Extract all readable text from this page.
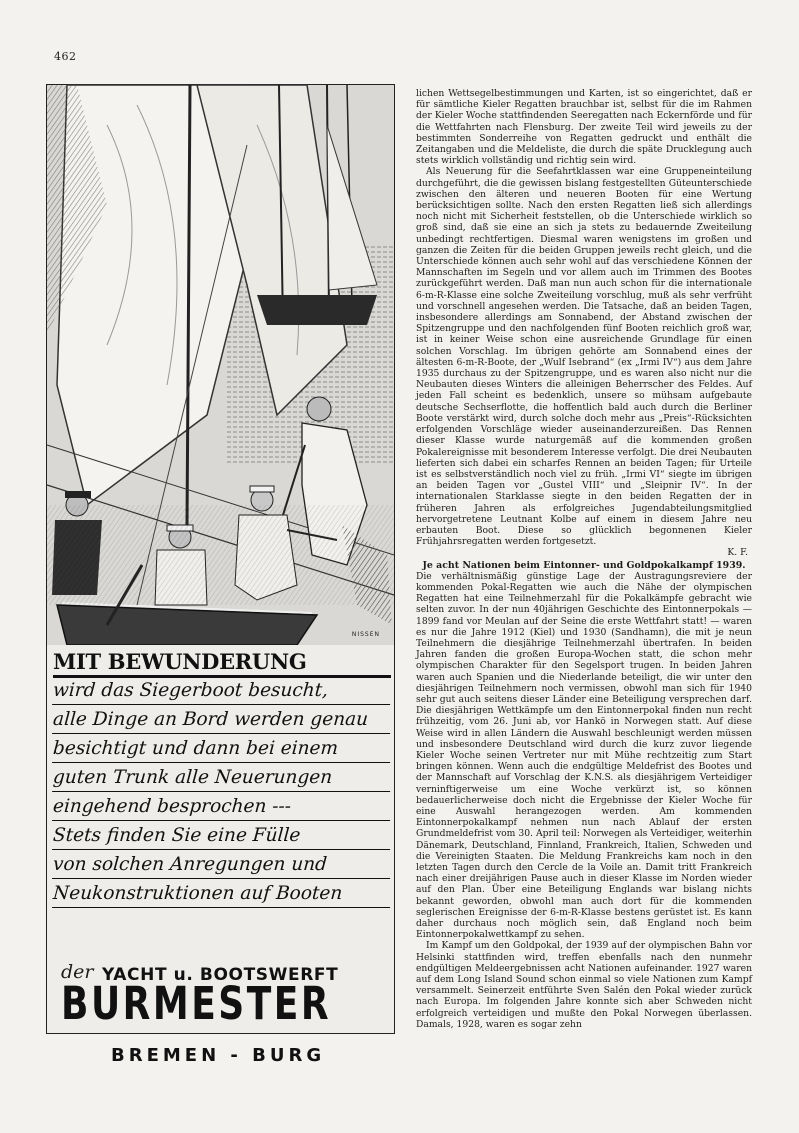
462
NISSEN
MIT BEWUNDERUNG
wird das Siegerboot besucht,
alle Dinge an Bord werden genau
besichtigt und dann bei einem
guten Trunk alle Neuerungen
eingehend besprochen ---
Stets finden Sie eine Fülle
von solchen Anregungen und
Neukonstruktionen auf Booten
der YACHT u. BOOTSWERFT
BURMESTER
BREMEN - BURG

lichen Wettsegelbestimmungen und Karten, ist so eingerichtet, daß er für sämtliche Kieler Regatten brauchbar ist, selbst für die im Rahmen der Kieler Woche stattfindenden Seeregatten nach Eckernförde und für die Wettfahrten nach Flensburg. Der zweite Teil wird jeweils zu der bestimmten Sonderreihe von Regatten gedruckt und enthält die Zeitangaben und die Meldeliste, die durch die späte Drucklegung auch stets wirklich vollständig und richtig sein wird.

Als Neuerung für die Seefahrtklassen war eine Gruppeneinteilung durchgeführt, die die gewissen bislang festgestellten Güteunterschiede zwischen den älteren und neueren Booten für eine Wertung berücksichtigen sollte. Nach den ersten Regatten ließ sich allerdings noch nicht mit Sicherheit feststellen, ob die Unterschiede wirklich so groß sind, daß sie eine an sich ja stets zu bedauernde Zweiteilung unbedingt rechtfertigen. Diesmal waren wenigstens im großen und ganzen die Zeiten für die beiden Gruppen jeweils recht gleich, und die Unterschiede können auch sehr wohl auf das verschiedene Können der Mannschaften im Segeln und vor allem auch im Trimmen des Bootes zurückgeführt werden. Daß man nun auch schon für die internationale 6-m-R-Klasse eine solche Zweiteilung vorschlug, muß als sehr verfrüht und vorschnell angesehen werden. Die Tatsache, daß an beiden Tagen, insbesondere allerdings am Sonnabend, der Abstand zwischen der Spitzengruppe und den nachfolgenden fünf Booten reichlich groß war, ist in keiner Weise schon eine ausreichende Grundlage für einen solchen Vorschlag. Im übrigen gehörte am Sonnabend eines der ältesten 6-m-R-Boote, der „Wulf Isebrand“ (ex „Irmi IV“) aus dem Jahre 1935 durchaus zu der Spitzengruppe, und es waren also nicht nur die Neubauten dieses Winters die alleinigen Beherrscher des Feldes. Auf jeden Fall scheint es bedenklich, unsere so mühsam aufgebaute deutsche Sechserflotte, die hoffentlich bald auch durch die Berliner Boote verstärkt wird, durch solche doch mehr aus „Preis“-Rücksichten erfolgenden Vorschläge wieder auseinanderzureißen. Das Rennen dieser Klasse wurde naturgemäß auf die kommenden großen Pokalereignisse mit besonderem Interesse verfolgt. Die drei Neubauten lieferten sich dabei ein scharfes Rennen an beiden Tagen; für Urteile ist es selbstverständlich noch viel zu früh. „Irmi VI“ siegte im übrigen an beiden Tagen vor „Gustel VIII“ und „Sleipnir IV“. In der internationalen Starklasse siegte in den beiden Regatten der in früheren Jahren als erfolgreiches Jugendabteilungsmitglied hervorgetretene Leutnant Kolbe auf einem in diesem Jahre neu erbauten Boot. Diese so glücklich begonnenen Kieler Frühjahrsregatten werden fortgesetzt.

K. F.
Je acht Nationen beim Eintonner- und Goldpokalkampf 1939.

Die verhältnismäßig günstige Lage der Austragungsreviere der kommenden Pokal-Regatten wie auch die Nähe der olympischen Regatten hat eine Teilnehmerzahl für die Pokalkämpfe gebracht wie selten zuvor. In der nun 40jährigen Geschichte des Eintonnerpokals — 1899 fand vor Meulan auf der Seine die erste Wettfahrt statt! — waren es nur die Jahre 1912 (Kiel) und 1930 (Sandhamn), die mit je neun Teilnehmern die diesjährige Teilnehmerzahl übertrafen. In beiden Jahren fanden die großen Europa-Wochen statt, die schon mehr olympischen Charakter für den Segelsport trugen. In beiden Jahren waren auch Spanien und die Niederlande beteiligt, die wir unter den diesjährigen Teilnehmern noch vermissen, obwohl man sich für 1940 sehr gut auch seitens dieser Länder eine Beteiligung versprechen darf. Die diesjährigen Wettkämpfe um den Eintonnerpokal finden nun recht frühzeitig, vom 26. Juni ab, vor Hankö in Norwegen statt. Auf diese Weise wird in allen Ländern die Auswahl beschleunigt werden müssen und insbesondere Deutschland wird durch die kurz zuvor liegende Kieler Woche seinen Vertreter nur mit Mühe rechtzeitig zum Start bringen können. Wenn auch die endgültige Meldefrist des Bootes und der Mannschaft auf Vorschlag der K.N.S. als diesjährigem Verteidiger verninftigerweise um eine Woche verkürzt ist, so können bedauerlicherweise doch nicht die Ergebnisse der Kieler Woche für eine Auswahl herangezogen werden. Am kommenden Eintonnerpokalkampf nehmen nun nach Ablauf der ersten Grundmeldefrist vom 30. April teil: Norwegen als Verteidiger, weiterhin Dänemark, Deutschland, Finnland, Frankreich, Italien, Schweden und die Vereinigten Staaten. Die Meldung Frankreichs kam noch in den letzten Tagen durch den Cercle de la Voile an. Damit tritt Frankreich nach einer dreijährigen Pause auch in dieser Klasse im Norden wieder auf den Plan. Über eine Beteiligung Englands war bislang nichts bekannt geworden, obwohl man auch dort für die kommenden seglerischen Ereignisse der 6-m-R-Klasse bestens gerüstet ist. Es kann daher durchaus noch möglich sein, daß England noch beim Eintonnerpokalwettkampf zu sehen.

Im Kampf um den Goldpokal, der 1939 auf der olympischen Bahn vor Helsinki stattfinden wird, treffen ebenfalls nach den nunmehr endgültigen Meldeergebnissen acht Nationen aufeinander. 1927 waren auf dem Long Island Sound schon einmal so viele Nationen zum Kampf versammelt. Seinerzeit entführte Sven Salén den Pokal wieder zurück nach Europa. Im folgenden Jahre konnte sich aber Schweden nicht erfolgreich verteidigen und mußte den Pokal Norwegen überlassen. Damals, 1928, waren es sogar zehn
